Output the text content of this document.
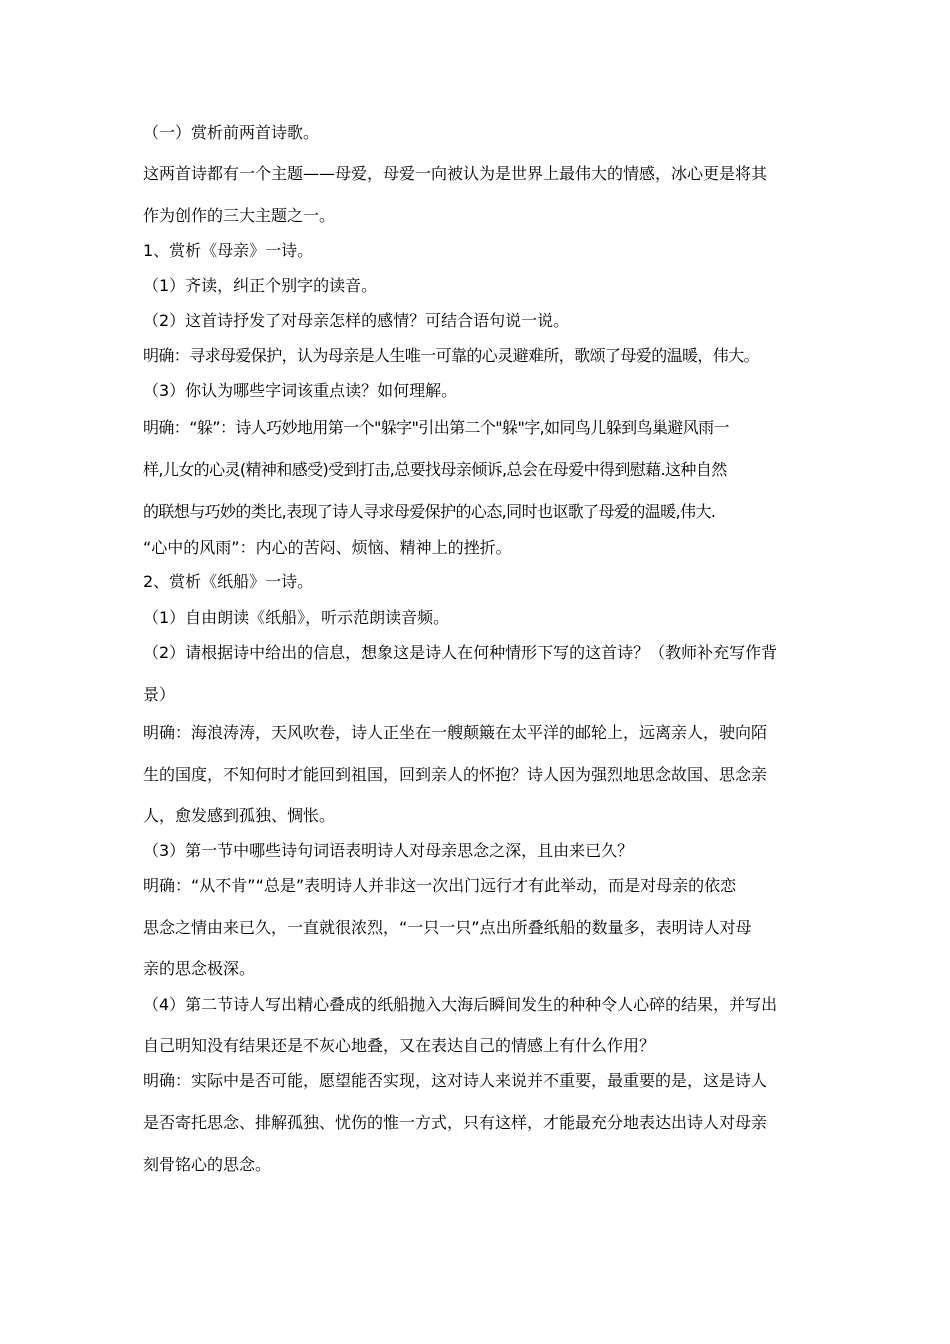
（一）赏析前两首诗歌。
这两首诗都有一个主题——母爱，母爱一向被认为是世界上最伟大的情感，冰心更是将其
作为创作的三大主题之一。
1、赏析《母亲》一诗。
（1）齐读，纠正个别字的读音。
（2）这首诗抒发了对母亲怎样的感情？可结合语句说一说。
明确：寻求母爱保护，认为母亲是人生唯一可靠的心灵避难所，歌颂了母爱的温暖，伟大。
（3）你认为哪些字词该重点读？如何理解。
明确：“躲”：诗人巧妙地用第一个"躲字"引出第二个"躲"字,如同鸟儿躲到鸟巢避风雨一
样,儿女的心灵(精神和感受)受到打击,总要找母亲倾诉,总会在母爱中得到慰藉.这种自然
的联想与巧妙的类比,表现了诗人寻求母爱保护的心态,同时也讴歌了母爱的温暖,伟大.
“心中的风雨”：内心的苦闷、烦恼、精神上的挫折。
2、赏析《纸船》一诗。
（1）自由朗读《纸船》，听示范朗读音频。
（2）请根据诗中给出的信息，想象这是诗人在何种情形下写的这首诗？（教师补充写作背
景）
明确：海浪涛涛，天风吹卷，诗人正坐在一艘颠簸在太平洋的邮轮上，远离亲人，驶向陌
生的国度，不知何时才能回到祖国，回到亲人的怀抱？诗人因为强烈地思念故国、思念亲
人，愈发感到孤独、惆怅。
（3）第一节中哪些诗句词语表明诗人对母亲思念之深，且由来已久？
明确：“从不肯”“总是”表明诗人并非这一次出门远行才有此举动，而是对母亲的依恋
思念之情由来已久，一直就很浓烈，“一只一只”点出所叠纸船的数量多，表明诗人对母
亲的思念极深。
（4）第二节诗人写出精心叠成的纸船抛入大海后瞬间发生的种种令人心碎的结果，并写出
自己明知没有结果还是不灰心地叠，又在表达自己的情感上有什么作用？
明确：实际中是否可能，愿望能否实现，这对诗人来说并不重要，最重要的是，这是诗人
是否寄托思念、排解孤独、忧伤的惟一方式，只有这样，才能最充分地表达出诗人对母亲
刻骨铭心的思念。
